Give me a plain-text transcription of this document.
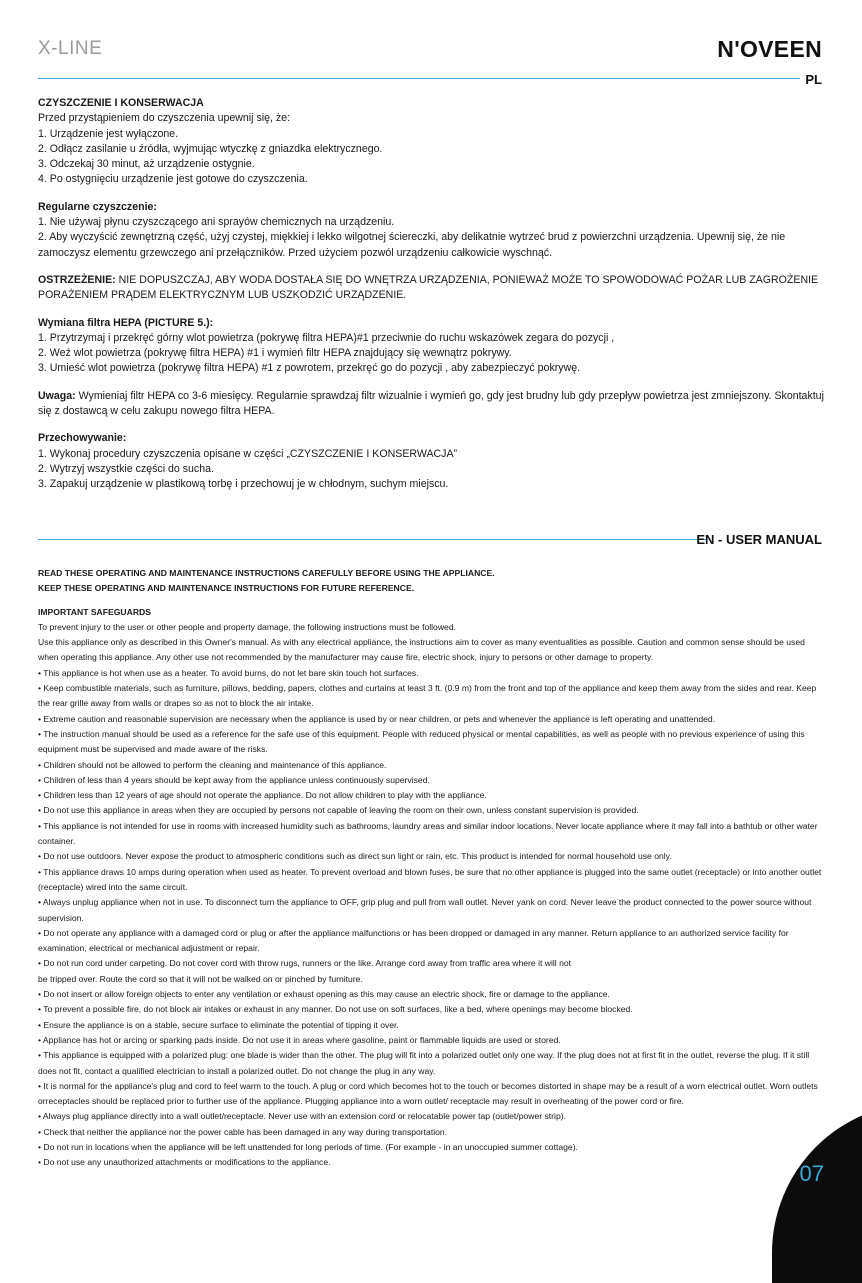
X-LINE	N'OVEEN
PL

CZYSZCZENIE I KONSERWACJA

Przed przystąpieniem do czyszczenia upewnij się, że:

1. Urządzenie jest wyłączone.

2. Odłącz zasilanie u źródła, wyjmując wtyczkę z gniazdka elektrycznego.

3. Odczekaj 30 minut, aż urządzenie ostygnie.

4. Po ostygnięciu urządzenie jest gotowe do czyszczenia.

Regularne czyszczenie:

1. Nie używaj płynu czyszczącego ani sprayów chemicznych na urządzeniu.

2. Aby wyczyścić zewnętrzną część, użyj czystej, miękkiej i lekko wilgotnej ściereczki, aby delikatnie wytrzeć brud z powierzchni urządzenia. Upewnij się, że nie zamoczysz elementu grzewczego ani przełączników. Przed użyciem pozwól urządzeniu całkowicie wyschnąć.

OSTRZEŻENIE: NIE DOPUSZCZAJ, ABY WODA DOSTAŁA SIĘ DO WNĘTRZA URZĄDZENIA, PONIEWAŻ MOŻE TO SPOWODOWAĆ POŻAR LUB ZAGROŻENIE PORAŻENIEM PRĄDEM ELEKTRYCZNYM LUB USZKODZIĆ URZĄDZENIE.

Wymiana filtra HEPA (PICTURE 5.):

1. Przytrzymaj i przekręć górny wlot powietrza (pokrywę filtra HEPA)#1 przeciwnie do ruchu wskazówek zegara do pozycji ,

2. Weź wlot powietrza (pokrywę filtra HEPA) #1 i wymień filtr HEPA znajdujący się wewnątrz pokrywy.

3. Umieść wlot powietrza (pokrywę filtra HEPA) #1 z powrotem, przekręć go do pozycji , aby zabezpieczyć pokrywę.

Uwaga: Wymieniaj filtr HEPA co 3-6 miesięcy. Regularnie sprawdzaj filtr wizualnie i wymień go, gdy jest brudny lub gdy przepływ powietrza jest zmniejszony. Skontaktuj się z dostawcą w celu zakupu nowego filtra HEPA.

Przechowywanie:

1. Wykonaj procedury czyszczenia opisane w części „CZYSZCZENIE I KONSERWACJA”

2. Wytrzyj wszystkie części do sucha.

3. Zapakuj urządzenie w plastikową torbę i przechowuj je w chłodnym, suchym miejscu.

EN - USER MANUAL

READ THESE OPERATING AND MAINTENANCE INSTRUCTIONS CAREFULLY BEFORE USING THE APPLIANCE.

KEEP THESE OPERATING AND MAINTENANCE INSTRUCTIONS FOR FUTURE REFERENCE.

IMPORTANT SAFEGUARDS

To prevent injury to the user or other people and property damage, the following instructions must be followed.

Use this appliance only as described in this Owner's manual. As with any electrical appliance, the instructions aim to cover as many eventualities as possible. Caution and common sense should be used when operating this appliance. Any other use not recommended by the manufacturer may cause fire, electric shock, injury to persons or other damage to property.

• This appliance is hot when use as a heater. To avoid burns, do not let bare skin touch hot surfaces.

• Keep combustible materials, such as furniture, pillows, bedding, papers, clothes and curtains at least 3 ft. (0.9 m) from the front and top of the appliance and keep them away from the sides and rear. Keep the rear grille away from walls or drapes so as not to block the air intake.

• Extreme caution and reasonable supervision are necessary when the appliance is used by or near children, or pets and whenever the appliance is left operating and unattended.

• The instruction manual should be used as a reference for the safe use of this equipment. People with reduced physical or mental capabilities, as well as people with no previous experience of using this equipment must be supervised and made aware of the risks.

• Children should not be allowed to perform the cleaning and maintenance of this appliance.

• Children of less than 4 years should be kept away from the appliance unless continuously supervised.

• Children less than 12 years of age should not operate the appliance. Do not allow children to play with the appliance.

• Do not use this appliance in areas when they are occupied by persons not capable of leaving the room on their own, unless constant supervision is provided.

• This appliance is not intended for use in rooms with increased humidity such as bathrooms, laundry areas and similar indoor locations. Never locate appliance where it may fall into a bathtub or other water container.

• Do not use outdoors. Never expose the product to atmospheric conditions such as direct sun light or rain, etc. This product is intended for normal household use only.

• This appliance draws 10 amps during operation when used as heater. To prevent overload and blown fuses, be sure that no other appliance is plugged into the same outlet (receptacle) or into another outlet (receptacle) wired into the same circuit.

• Always unplug appliance when not in use. To disconnect turn the appliance to OFF, grip plug and pull from wall outlet. Never yank on cord. Never leave the product connected to the power source without supervision.

• Do not operate any appliance with a damaged cord or plug or after the appliance malfunctions or has been dropped or damaged in any manner. Return appliance to an authorized service facility for examination, electrical or mechanical adjustment or repair.

• Do not run cord under carpeting. Do not cover cord with throw rugs, runners or the like. Arrange cord away from traffic area where it will not

be tripped over. Route the cord so that it will not be walked on or pinched by furniture.

• Do not insert or allow foreign objects to enter any ventilation or exhaust opening as this may cause an electric shock, fire or damage to the appliance.

• To prevent a possible fire, do not block air intakes or exhaust in any manner. Do not use on soft surfaces, like a bed, where openings may become blocked.

• Ensure the appliance is on a stable, secure surface to eliminate the potential of tipping it over.

• Appliance has hot or arcing or sparking pads inside. Do not use it in areas where gasoline, paint or flammable liquids are used or stored.

• This appliance is equipped with a polarized plug: one blade is wider than the other. The plug will fit into a polarized outlet only one way. If the plug does not at first fit in the outlet, reverse the plug. If it still does not fit, contact a qualified electrician to install a polarized outlet. Do not change the plug in any way.

• It is normal for the appliance's plug and cord to feel warm to the touch. A plug or cord which becomes hot to the touch or becomes distorted in shape may be a result of a worn electrical outlet. Worn outlets orreceptacles should be replaced prior to further use of the appliance. Plugging appliance into a worn outlet/ receptacle may result in overheating of the power cord or fire.

• Always plug appliance directly into a wall outlet/receptacle. Never use with an extension cord or relocatable power tap (outlet/power strip).

• Check that neither the appliance nor the power cable has been damaged in any way during transportation.

• Do not run in locations when the appliance will be left unattended for long periods of time. (For example - in an unoccupied summer cottage).

• Do not use any unauthorized attachments or modifications to the appliance.	07
